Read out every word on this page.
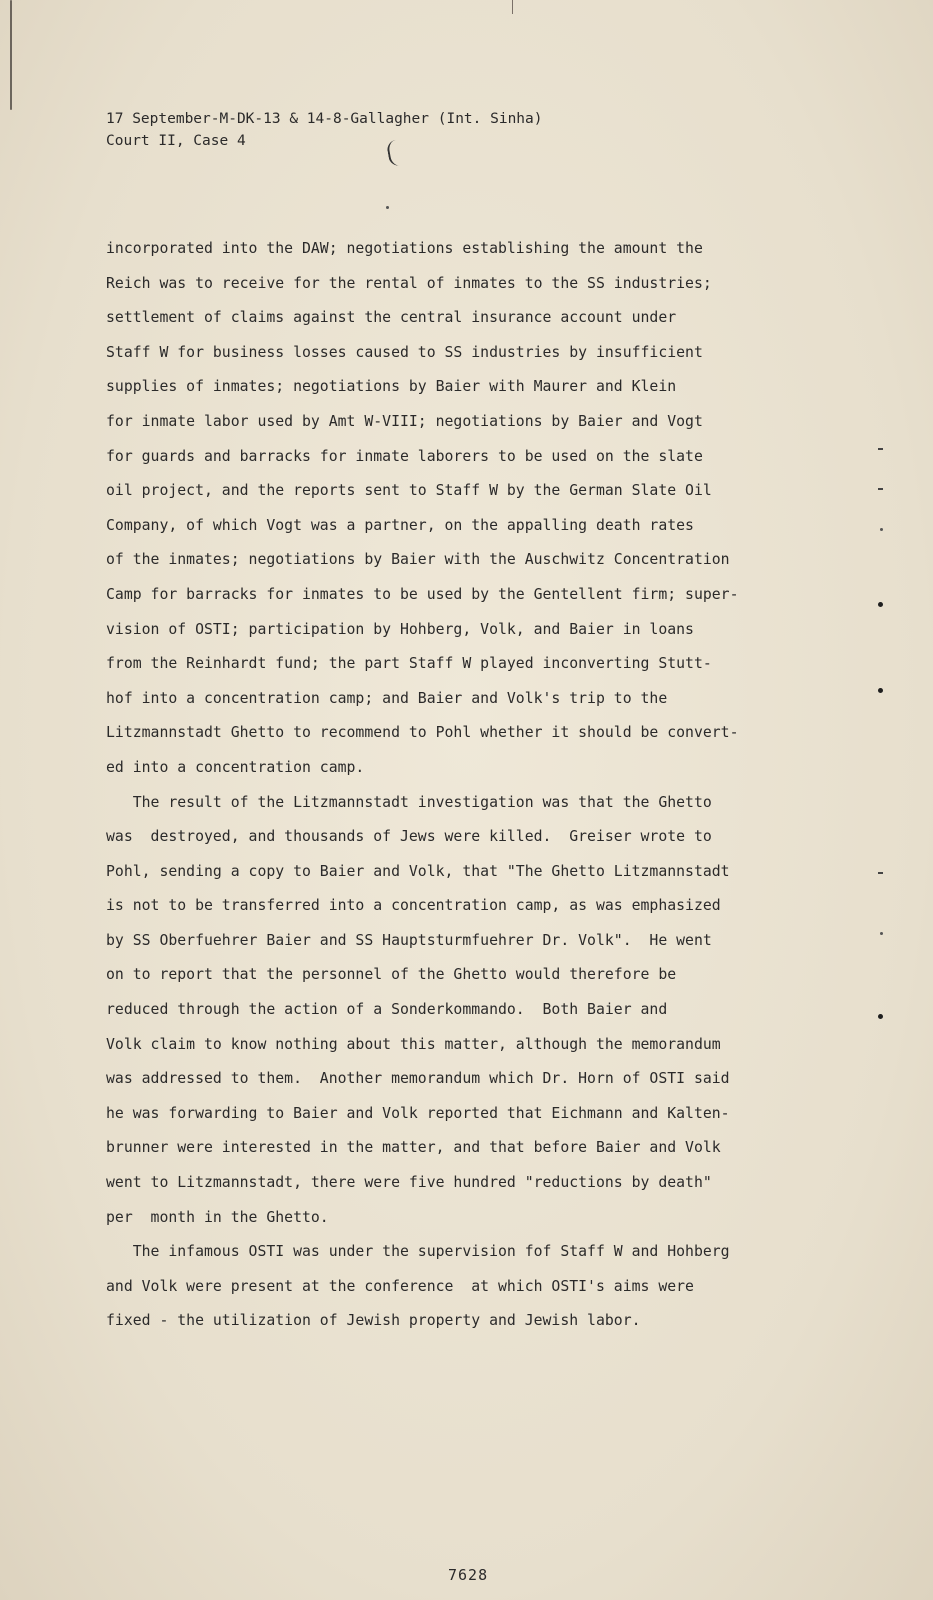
17 September-M-DK-13 & 14-8-Gallagher (Int. Sinha)
Court II, Case 4
incorporated into the DAW; negotiations establishing the amount the
Reich was to receive for the rental of inmates to the SS industries;
settlement of claims against the central insurance account under
Staff W for business losses caused to SS industries by insufficient
supplies of inmates; negotiations by Baier with Maurer and Klein
for inmate labor used by Amt W-VIII; negotiations by Baier and Vogt
for guards and barracks for inmate laborers to be used on the slate
oil project, and the reports sent to Staff W by the German Slate Oil
Company, of which Vogt was a partner, on the appalling death rates
of the inmates; negotiations by Baier with the Auschwitz Concentration
Camp for barracks for inmates to be used by the Gentellent firm; super-
vision of OSTI; participation by Hohberg, Volk, and Baier in loans
from the Reinhardt fund; the part Staff W played inconverting Stutt-
hof into a concentration camp; and Baier and Volk's trip to the
Litzmannstadt Ghetto to recommend to Pohl whether it should be convert-
ed into a concentration camp.
The result of the Litzmannstadt investigation was that the Ghetto
was  destroyed, and thousands of Jews were killed.  Greiser wrote to
Pohl, sending a copy to Baier and Volk, that "The Ghetto Litzmannstadt
is not to be transferred into a concentration camp, as was emphasized
by SS Oberfuehrer Baier and SS Hauptsturmfuehrer Dr. Volk".  He went
on to report that the personnel of the Ghetto would therefore be
reduced through the action of a Sonderkommando.  Both Baier and
Volk claim to know nothing about this matter, although the memorandum
was addressed to them.  Another memorandum which Dr. Horn of OSTI said
he was forwarding to Baier and Volk reported that Eichmann and Kalten-
brunner were interested in the matter, and that before Baier and Volk
went to Litzmannstadt, there were five hundred "reductions by death"
per  month in the Ghetto.
The infamous OSTI was under the supervision fof Staff W and Hohberg
and Volk were present at the conference  at which OSTI's aims were
fixed - the utilization of Jewish property and Jewish labor.
7628
